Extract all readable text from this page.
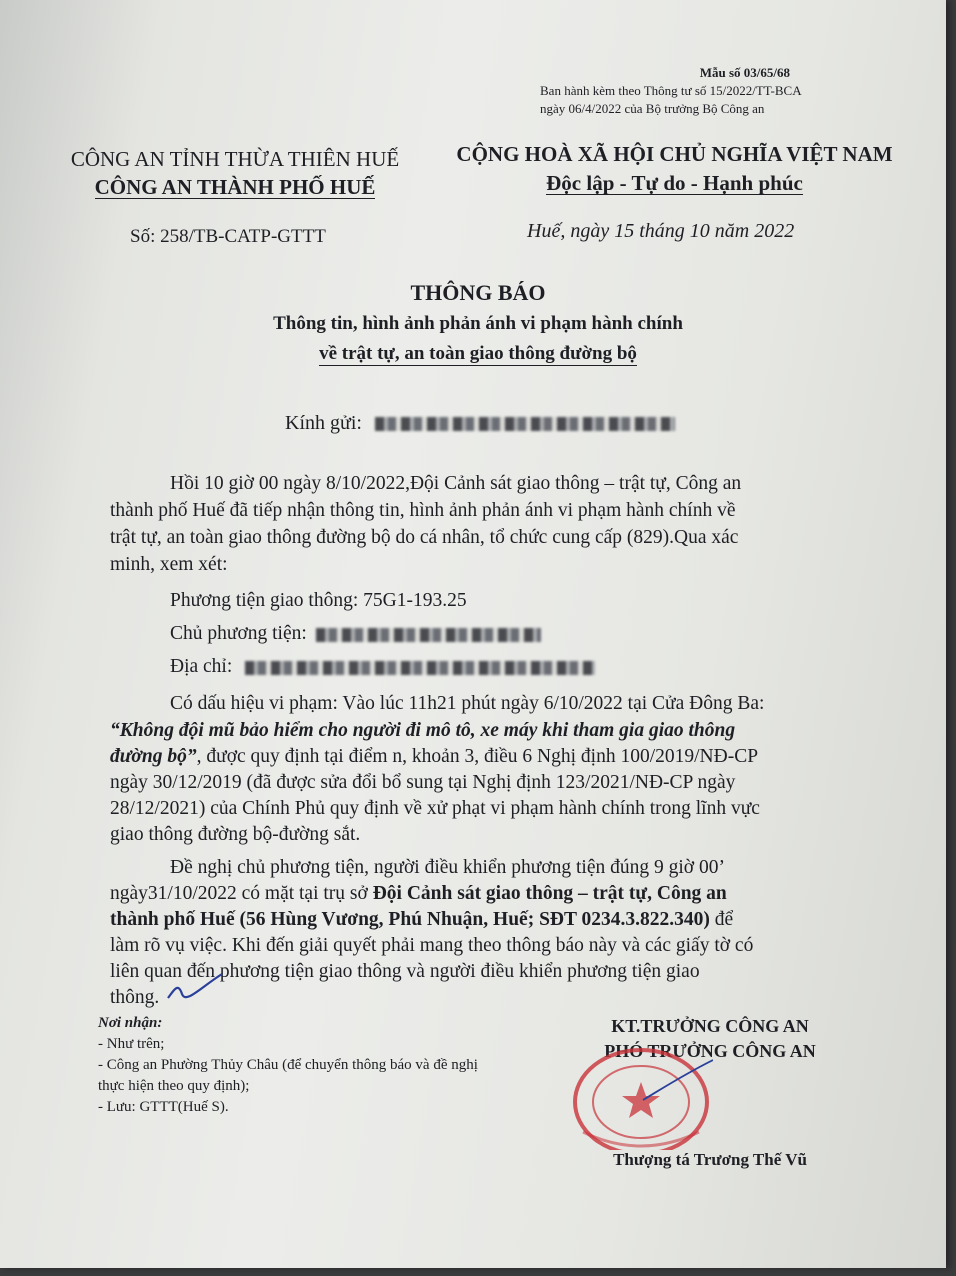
Mẫu số 03/65/68
Ban hành kèm theo Thông tư số 15/2022/TT-BCA
ngày 06/4/2022 của Bộ trưởng Bộ Công an
CÔNG AN TỈNH THỪA THIÊN HUẾ
CÔNG AN THÀNH PHỐ HUẾ
CỘNG HOÀ XÃ HỘI CHỦ NGHĨA VIỆT NAM
Độc lập - Tự do - Hạnh phúc
Số: 258/TB-CATP-GTTT	Huế, ngày 15 tháng 10 năm 2022
THÔNG BÁO
Thông tin, hình ảnh phản ánh vi phạm hành chính
về trật tự, an toàn giao thông đường bộ
Kính gửi:
Hồi 10 giờ 00 ngày 8/10/2022,Đội Cảnh sát giao thông – trật tự, Công an
thành phố Huế đã tiếp nhận thông tin, hình ảnh phản ánh vi phạm hành chính về
trật tự, an toàn giao thông đường bộ do cá nhân, tổ chức cung cấp (829).Qua xác
minh, xem xét:
Phương tiện giao thông: 75G1-193.25
Chủ phương tiện:
Địa chỉ:
Có dấu hiệu vi phạm: Vào lúc 11h21 phút ngày 6/10/2022 tại Cửa Đông Ba:
“Không đội mũ bảo hiểm cho người đi mô tô, xe máy khi tham gia giao thông
đường bộ”, được quy định tại điểm n, khoản 3, điều 6 Nghị định 100/2019/NĐ-CP
ngày 30/12/2019 (đã được sửa đổi bổ sung tại Nghị định 123/2021/NĐ-CP ngày
28/12/2021) của Chính Phủ quy định về xử phạt vi phạm hành chính trong lĩnh vực
giao thông đường bộ-đường sắt.
Đề nghị chủ phương tiện, người điều khiển phương tiện đúng 9 giờ 00’
ngày31/10/2022 có mặt tại trụ sở Đội Cảnh sát giao thông – trật tự, Công an
thành phố Huế (56 Hùng Vương, Phú Nhuận, Huế; SĐT 0234.3.822.340) để
làm rõ vụ việc. Khi đến giải quyết phải mang theo thông báo này và các giấy tờ có
liên quan đến phương tiện giao thông và người điều khiển phương tiện giao
thông.
Nơi nhận:
- Như trên;
- Công an Phường Thủy Châu (để chuyển thông báo và đề nghị thực hiện theo quy định);
- Lưu: GTTT(Huế S).
KT.TRƯỞNG CÔNG AN
PHÓ TRƯỞNG CÔNG AN
Thượng tá Trương Thế Vũ
